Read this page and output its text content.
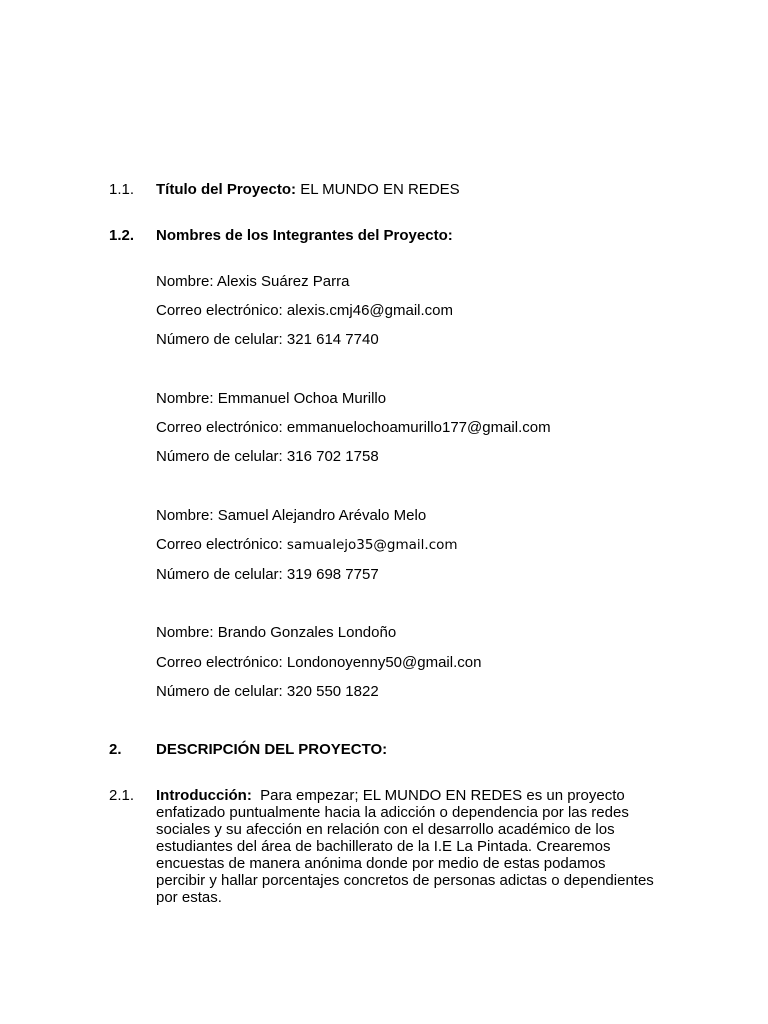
1.1. Título del Proyecto: EL MUNDO EN REDES
1.2. Nombres de los Integrantes del Proyecto:
Nombre: Alexis Suárez Parra
Correo electrónico: alexis.cmj46@gmail.com
Número de celular: 321 614 7740
Nombre: Emmanuel Ochoa Murillo
Correo electrónico: emmanuelochoamurillo177@gmail.com
Número de celular: 316 702 1758
Nombre: Samuel Alejandro Arévalo Melo
Correo electrónico: samualejo35@gmail.com
Número de celular: 319 698 7757
Nombre: Brando Gonzales Londoño
Correo electrónico: Londonoyenny50@gmail.con
Número de celular: 320 550 1822
2. DESCRIPCIÓN DEL PROYECTO:
2.1. Introducción: Para empezar; EL MUNDO EN REDES es un proyecto enfatizado puntualmente hacia la adicción o dependencia por las redes sociales y su afección en relación con el desarrollo académico de los estudiantes del área de bachillerato de la I.E La Pintada. Crearemos encuestas de manera anónima donde por medio de estas podamos percibir y hallar porcentajes concretos de personas adictas o dependientes por estas.
